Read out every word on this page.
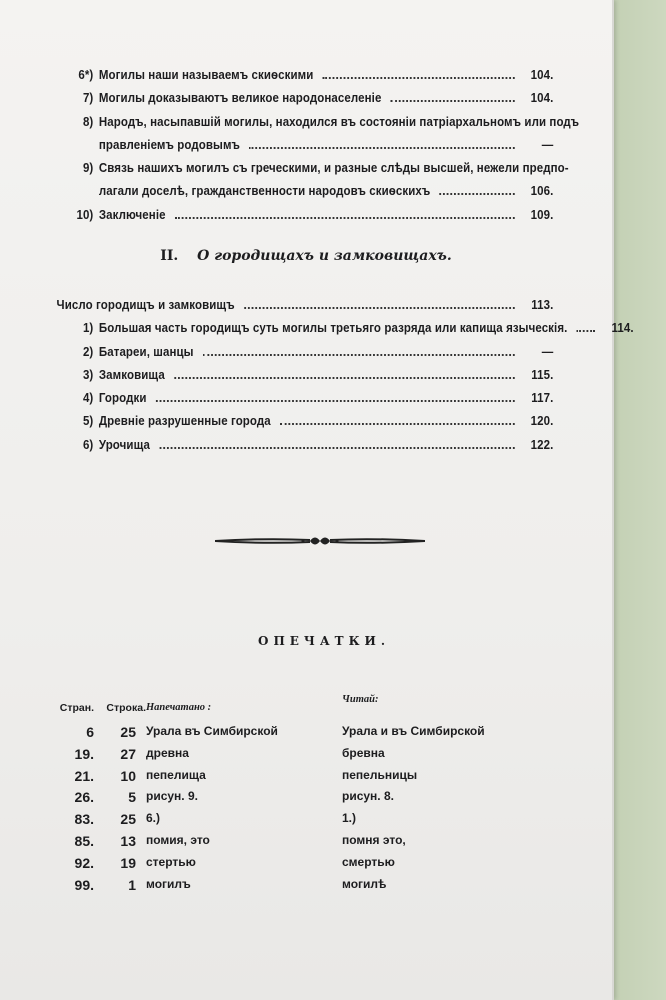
6*) Могилы наши называемъ скиѳскими	104.
7) Могилы доказываютъ великое народонаселеніе	104.
8) Народъ, насыпавшій могилы, находился въ состояніи патріархальномъ или подъ
правленіемъ родовымъ	—
9) Связь нашихъ могилъ съ греческими, и разные слѣды высшей, нежели предпо-
лагали доселѣ, гражданственности народовъ скиѳскихъ	106.
10) Заключеніе	109.
II. О городищахъ и замковищахъ.
Число городищъ и замковищъ	113.
1) Большая часть городищъ суть могилы третьяго разряда или капища языческія.	114.
2) Батареи, шанцы	—
3) Замковища	115.
4) Городки	117.
5) Древніе разрушенные города	120.
6) Урочища	122.
ОПЕЧАТКИ.
Стран.	Строка. Напечатано :
Читай:
6	25 Урала въ Симбирской	Урала и въ Симбирской
19.	27 древна	бревна
21.	10 пепелища	пепельницы
26.	5 рисун. 9.	рисун. 8.
83.	25 6.)	1.)
85.	13 помия, это	помня это,
92.	19 стертью	смертью
99.	1 могилъ	могилѣ
